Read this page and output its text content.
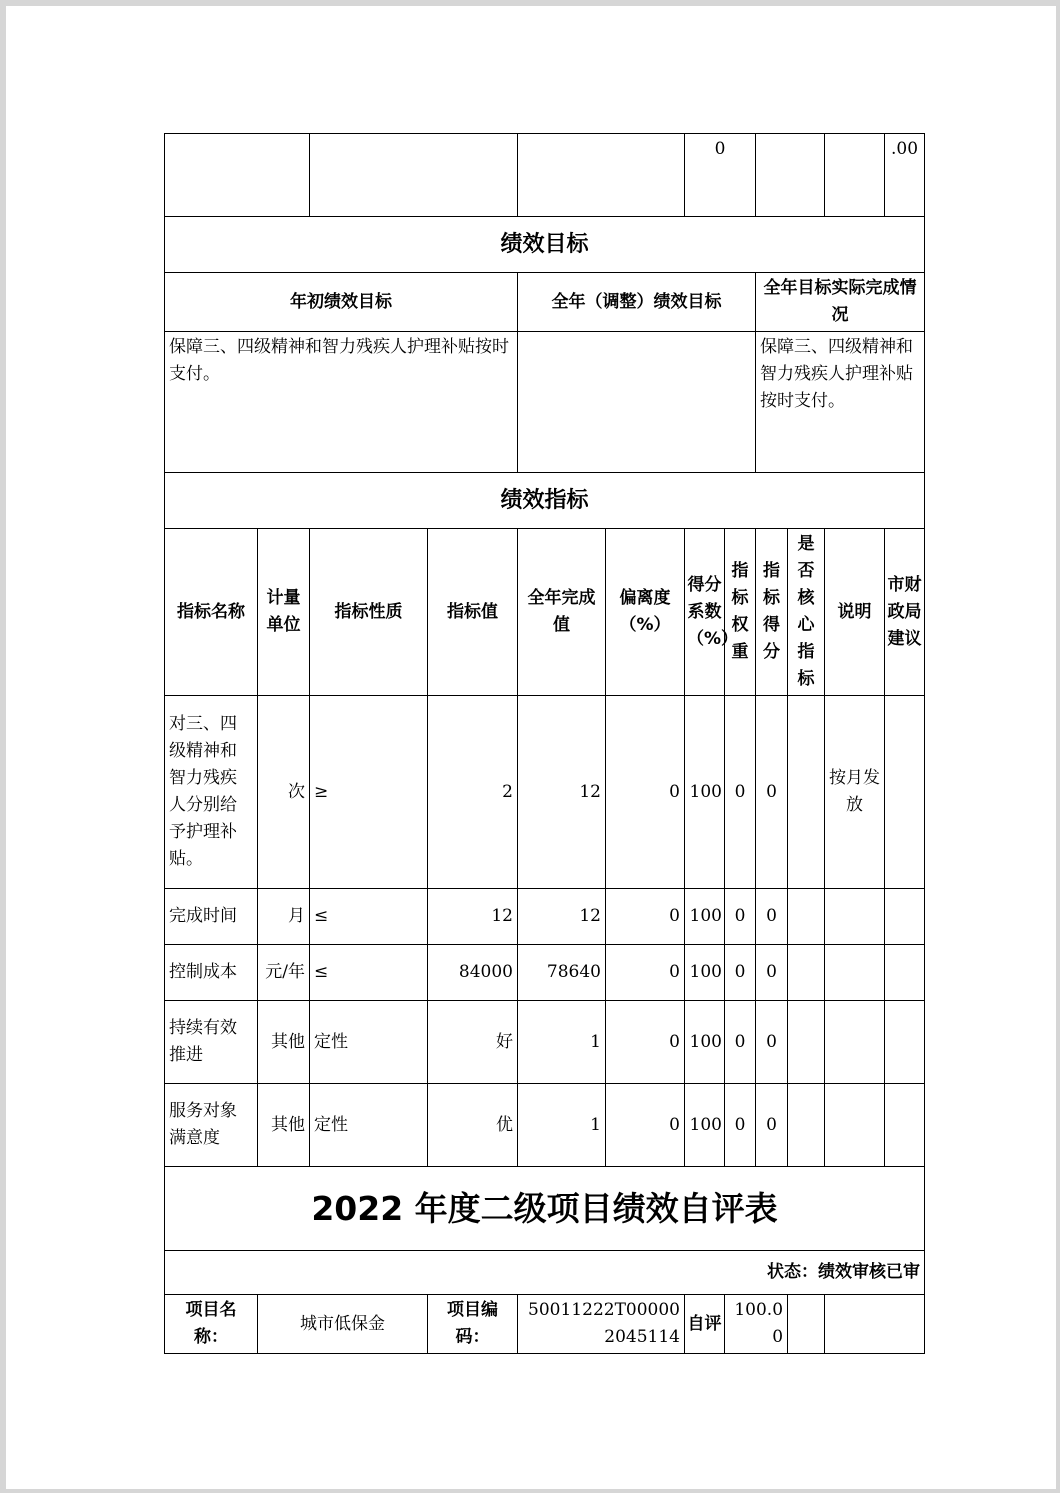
						0					.00
绩效目标											
年初绩效目标				全年（调整）绩效目标				全年目标实际完成情况			
保障三、四级精神和智力残疾人护理补贴按时支付。								保障三、四级精神和智力残疾人护理补贴按时支付。			
绩效指标											
指标名称	计量单位	指标性质	指标值	全年完成值	偏离度（%）	得分系数（%）	指标权重	指标得分	是否核心指标	说明	市财政局建议
对三、四级精神和智力残疾人分别给予护理补贴。	次	≥	2	12	0	100	0	0		按月发放	
完成时间	月	≤	12	12	0	100	0	0			
控制成本	元/年	≤	84000	78640	0	100	0	0			
持续有效推进	其他	定性	好	1	0	100	0	0			
服务对象满意度	其他	定性	优	1	0	100	0	0			
2022 年度二级项目绩效自评表											
状态：绩效审核已审											
项目名称：	城市低保金		项目编码：	50011222T000002045114		自评	100.00				
